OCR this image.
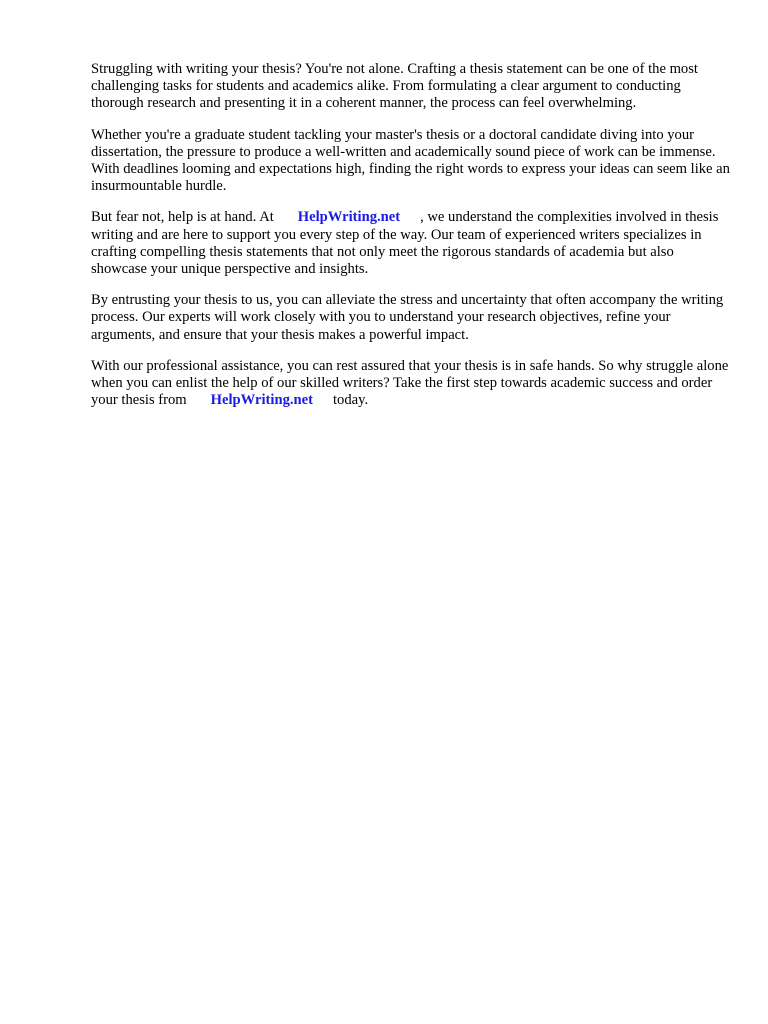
Struggling with writing your thesis? You're not alone. Crafting a thesis statement can be one of the most challenging tasks for students and academics alike. From formulating a clear argument to conducting thorough research and presenting it in a coherent manner, the process can feel overwhelming.

Whether you're a graduate student tackling your master's thesis or a doctoral candidate diving into your dissertation, the pressure to produce a well-written and academically sound piece of work can be immense. With deadlines looming and expectations high, finding the right words to express your ideas can seem like an insurmountable hurdle.

But fear not, help is at hand. At HelpWriting.net , we understand the complexities involved in thesis writing and are here to support you every step of the way. Our team of experienced writers specializes in crafting compelling thesis statements that not only meet the rigorous standards of academia but also showcase your unique perspective and insights.

By entrusting your thesis to us, you can alleviate the stress and uncertainty that often accompany the writing process. Our experts will work closely with you to understand your research objectives, refine your arguments, and ensure that your thesis makes a powerful impact.

With our professional assistance, you can rest assured that your thesis is in safe hands. So why struggle alone when you can enlist the help of our skilled writers? Take the first step towards academic success and order your thesis from HelpWriting.net today.
